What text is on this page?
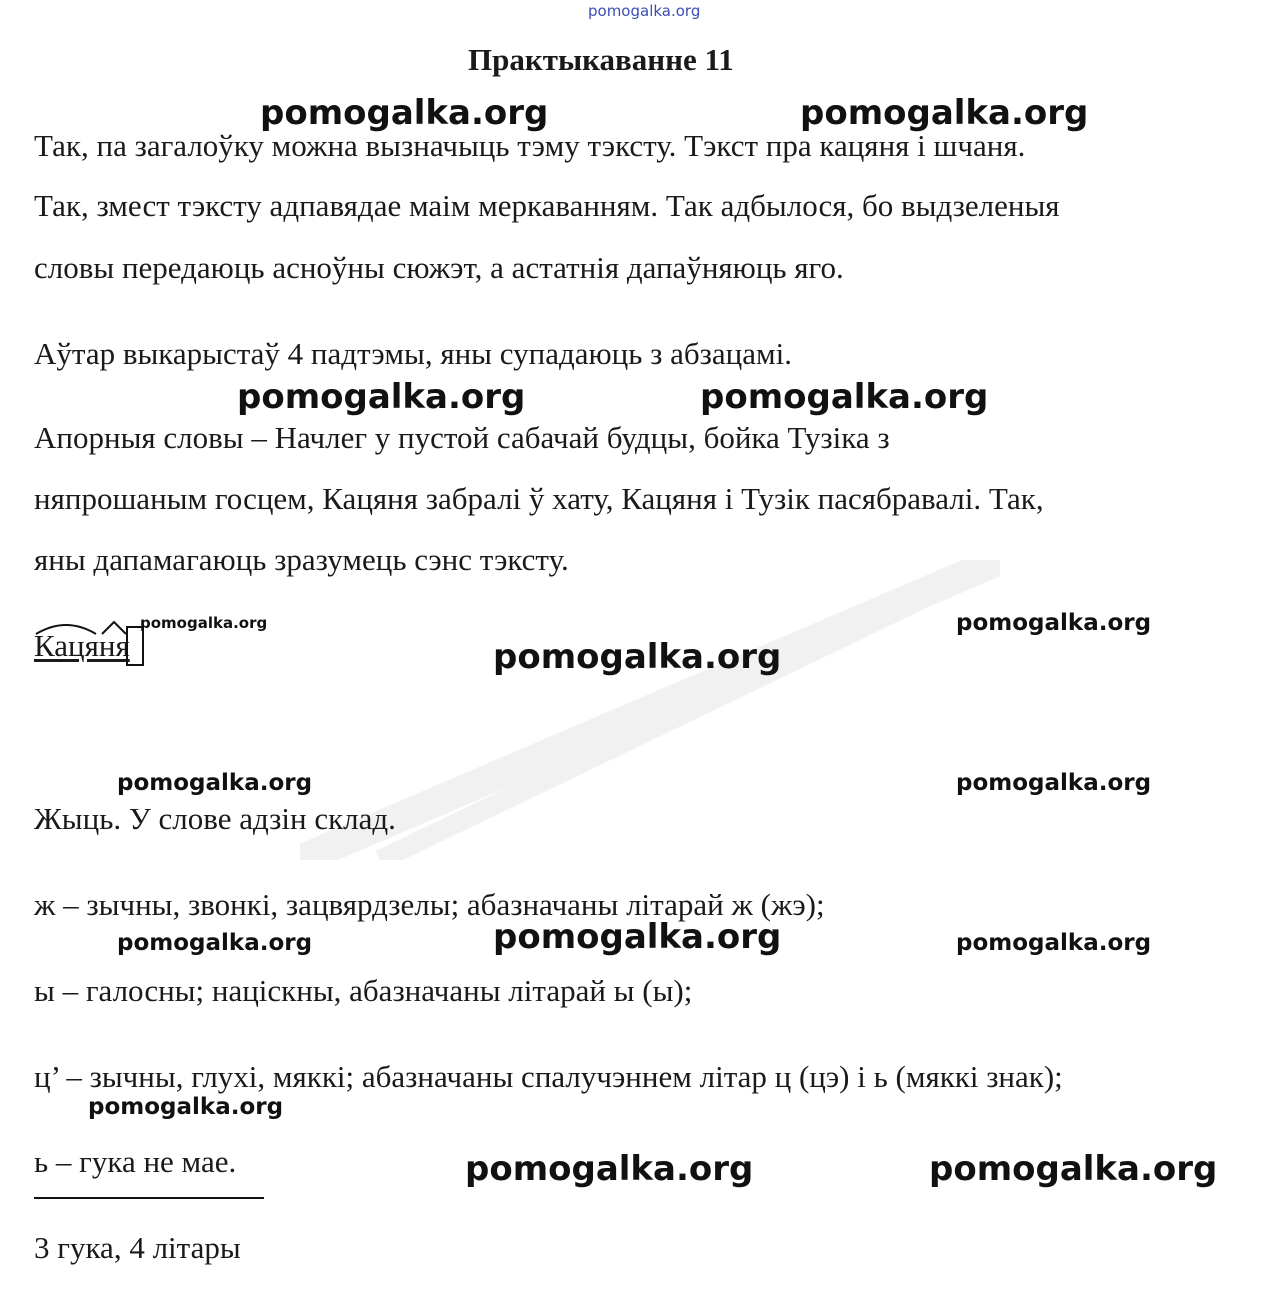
pomogalka.org
Практыкаванне 11
Так, па загалоўку можна вызначыць тэму тэксту. Тэкст пра кацяня і шчаня.
Так, змест тэксту адпавядае маім меркаванням. Так адбылося, бо выдзеленыя
словы передаюць асноўны сюжэт, а астатнія дапаўняюць яго.
Аўтар выкарыстаў 4 падтэмы, яны супадаюць з абзацамі.
Апорныя словы – Начлег у пустой сабачай будцы, бойка Тузіка з
няпрошаным госцем, Кацяня забралі ў хату, Кацяня і Тузік пасябравалі. Так,
яны дапамагаюць зразумець сэнс тэксту.
Кацяня
Жыць. У слове адзін склад.
ж – зычны, звонкі, зацвярдзелы; абазначаны літарай ж (жэ);
ы – галосны; націскны, абазначаны літарай ы (ы);
ц’ – зычны, глухі, мяккі; абазначаны спалучэннем літар ц (цэ) і ь (мяккі знак);
ь – гука не мае.
3 гука, 4 літары
pomogalka.org	pomogalka.org
pomogalka.org	pomogalka.org
pomogalka.org	pomogalka.org
pomogalka.org
pomogalka.org	pomogalka.org
pomogalka.org
pomogalka.org	pomogalka.org
pomogalka.org
pomogalka.org	pomogalka.org
